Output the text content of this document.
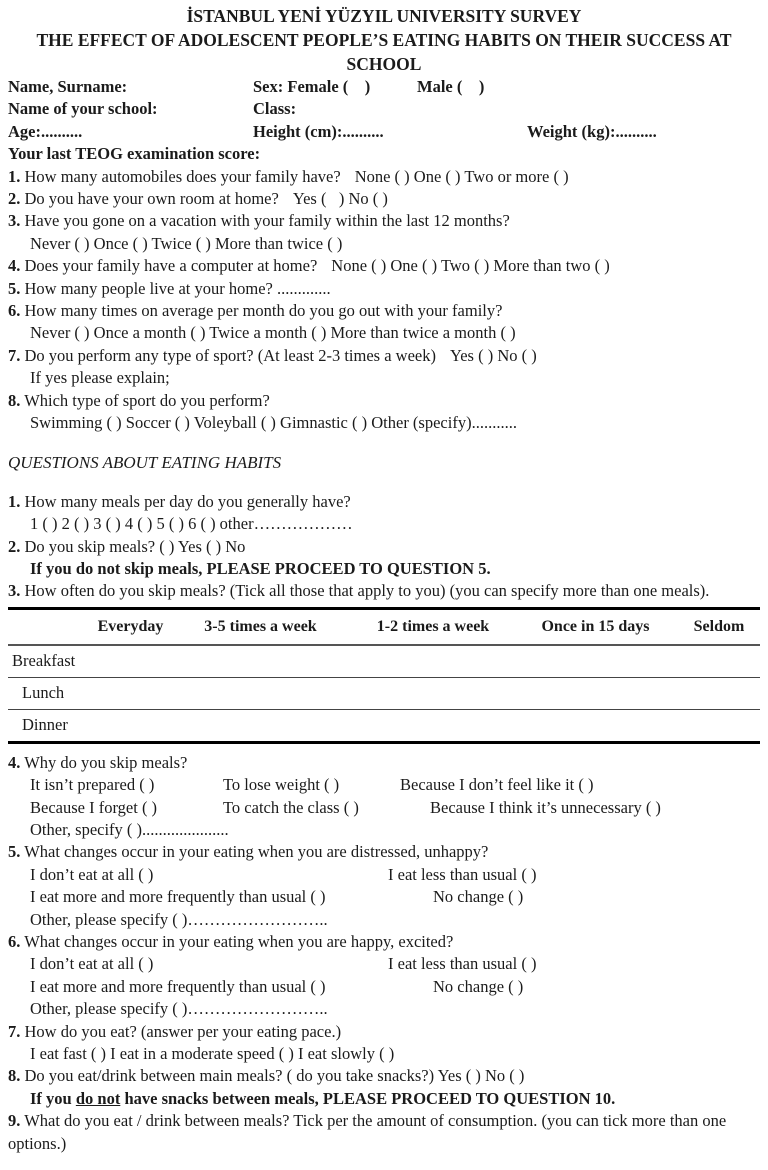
İSTANBUL YENİ YÜZYIL UNIVERSITY SURVEY
THE EFFECT OF ADOLESCENT PEOPLE’S EATING HABITS ON THEIR SUCCESS AT
SCHOOL
Name, Surname:	Sex: Female (    )	Male (    )
Name of your school:	Class:
Age:..........	Height (cm):..........	Weight (kg):..........
Your last TEOG examination score:
1. How many automobiles does your family have? None ( ) One ( ) Two or more ( )
2. Do you have your own room at home? Yes (   ) No ( )
3. Have you gone on a vacation with your family within the last 12 months?
Never ( ) Once ( ) Twice ( ) More than twice ( )
4. Does your family have a computer at home? None ( ) One ( ) Two ( ) More than two ( )
5. How many people live at your home? .............
6. How many times on average per month do you go out with your family?
Never ( ) Once a month ( ) Twice a month ( ) More than twice a month ( )
7. Do you perform any type of sport? (At least 2-3 times a week) Yes ( ) No ( )
If yes please explain;
8. Which type of sport do you perform?
Swimming ( ) Soccer ( ) Voleyball ( ) Gimnastic ( ) Other (specify)...........
QUESTIONS ABOUT EATING HABITS
1. How many meals per day do you generally have?
1 ( ) 2 ( ) 3 ( ) 4 ( ) 5 ( ) 6 ( ) other………………
2. Do you skip meals? ( ) Yes ( ) No
If you do not skip meals, PLEASE PROCEED TO QUESTION 5.
3. How often do you skip meals? (Tick all those that apply to you) (you can specify more than one meals).
	Everyday	3-5 times a week	1-2 times a week	Once in 15 days	Seldom
Breakfast					
Lunch					
Dinner					
4. Why do you skip meals?
It isn’t prepared ( )	To lose weight ( )	Because I don’t feel like it ( )
Because I forget ( )	To catch the class ( )	Because I think it’s unnecessary ( )
Other, specify ( ).....................
5. What changes occur in your eating when you are distressed, unhappy?
I don’t eat at all ( )	I eat less than usual ( )
I eat more and more frequently than usual ( )	No change ( )
Other, please specify ( )……………………..
6. What changes occur in your eating when you are happy, excited?
I don’t eat at all ( )	I eat less than usual ( )
I eat more and more frequently than usual ( )	No change ( )
Other, please specify ( )……………………..
7. How do you eat? (answer per your eating pace.)
I eat fast ( ) I eat in a moderate speed ( ) I eat slowly ( )
8. Do you eat/drink between main meals? ( do you take snacks?) Yes ( ) No ( )
If you do not have snacks between meals, PLEASE PROCEED TO QUESTION 10.
9. What do you eat / drink between meals? Tick per the amount of consumption. (you can tick more than one options.)
